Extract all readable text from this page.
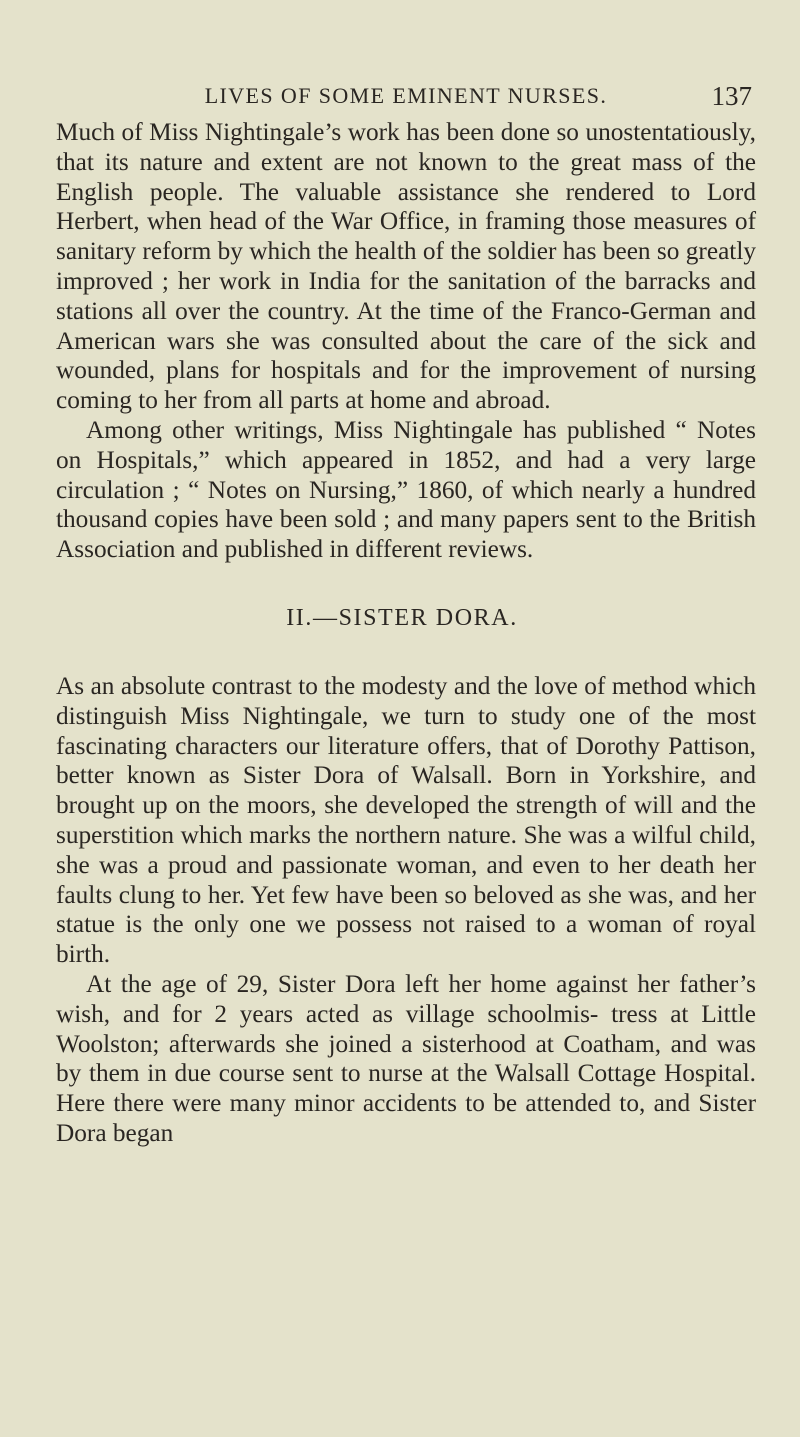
LIVES OF SOME EMINENT NURSES.	137

Much of Miss Nightingale’s work has been done so unostentatiously, that its nature and extent are not known to the great mass of the English people. The valuable assistance she rendered to Lord Herbert, when head of the War Office, in framing those measures of sanitary reform by which the health of the soldier has been so greatly improved ; her work in India for the sanitation of the barracks and stations all over the country. At the time of the Franco-German and American wars she was consulted about the care of the sick and wounded, plans for hospitals and for the improvement of nursing coming to her from all parts at home and abroad.

Among other writings, Miss Nightingale has published “ Notes on Hospitals,” which appeared in 1852, and had a very large circulation ; “ Notes on Nursing,” 1860, of which nearly a hundred thousand copies have been sold ; and many papers sent to the British Association and published in different reviews.

II.—SISTER DORA.

As an absolute contrast to the modesty and the love of method which distinguish Miss Nightingale, we turn to study one of the most fascinating characters our literature offers, that of Dorothy Pattison, better known as Sister Dora of Walsall. Born in Yorkshire, and brought up on the moors, she developed the strength of will and the superstition which marks the northern nature. She was a wilful child, she was a proud and passionate woman, and even to her death her faults clung to her. Yet few have been so beloved as she was, and her statue is the only one we possess not raised to a woman of royal birth.

At the age of 29, Sister Dora left her home against her father’s wish, and for 2 years acted as village schoolmis- tress at Little Woolston; afterwards she joined a sisterhood at Coatham, and was by them in due course sent to nurse at the Walsall Cottage Hospital. Here there were many minor accidents to be attended to, and Sister Dora began
